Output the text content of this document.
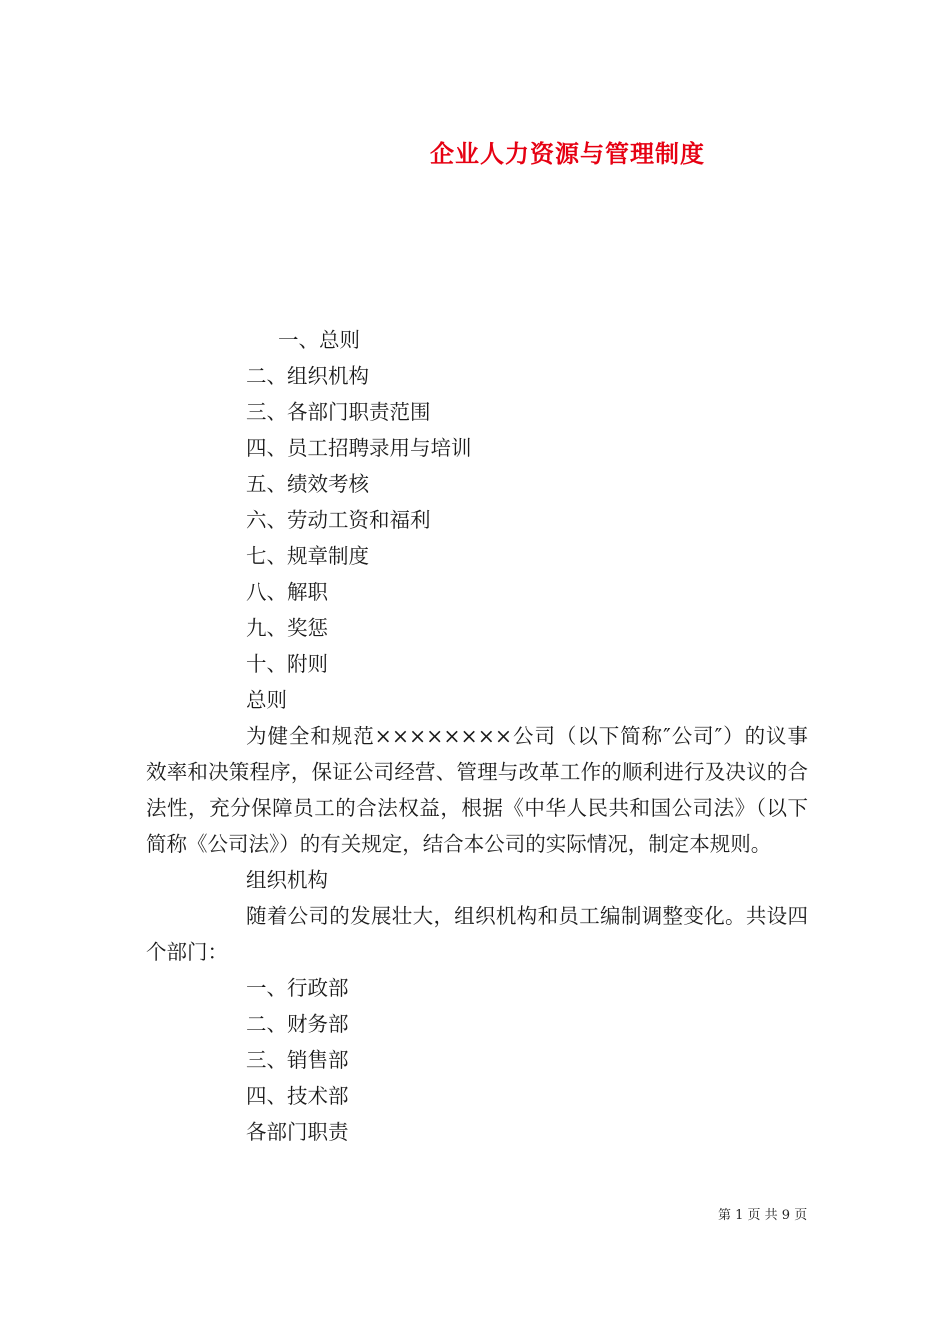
企业人力资源与管理制度
一、总则
二、组织机构
三、各部门职责范围
四、员工招聘录用与培训
五、绩效考核
六、劳动工资和福利
七、规章制度
八、解职
九、奖惩
十、附则
总则
为健全和规范××××××××公司（以下简称″公司″）的议事效率和决策程序，保证公司经营、管理与改革工作的顺利进行及决议的合法性，充分保障员工的合法权益，根据《中华人民共和国公司法》（以下简称《公司法》）的有关规定，结合本公司的实际情况，制定本规则。
组织机构
随着公司的发展壮大，组织机构和员工编制调整变化。共设四个部门：
一、行政部
二、财务部
三、销售部
四、技术部
各部门职责
第 1 页 共 9 页
